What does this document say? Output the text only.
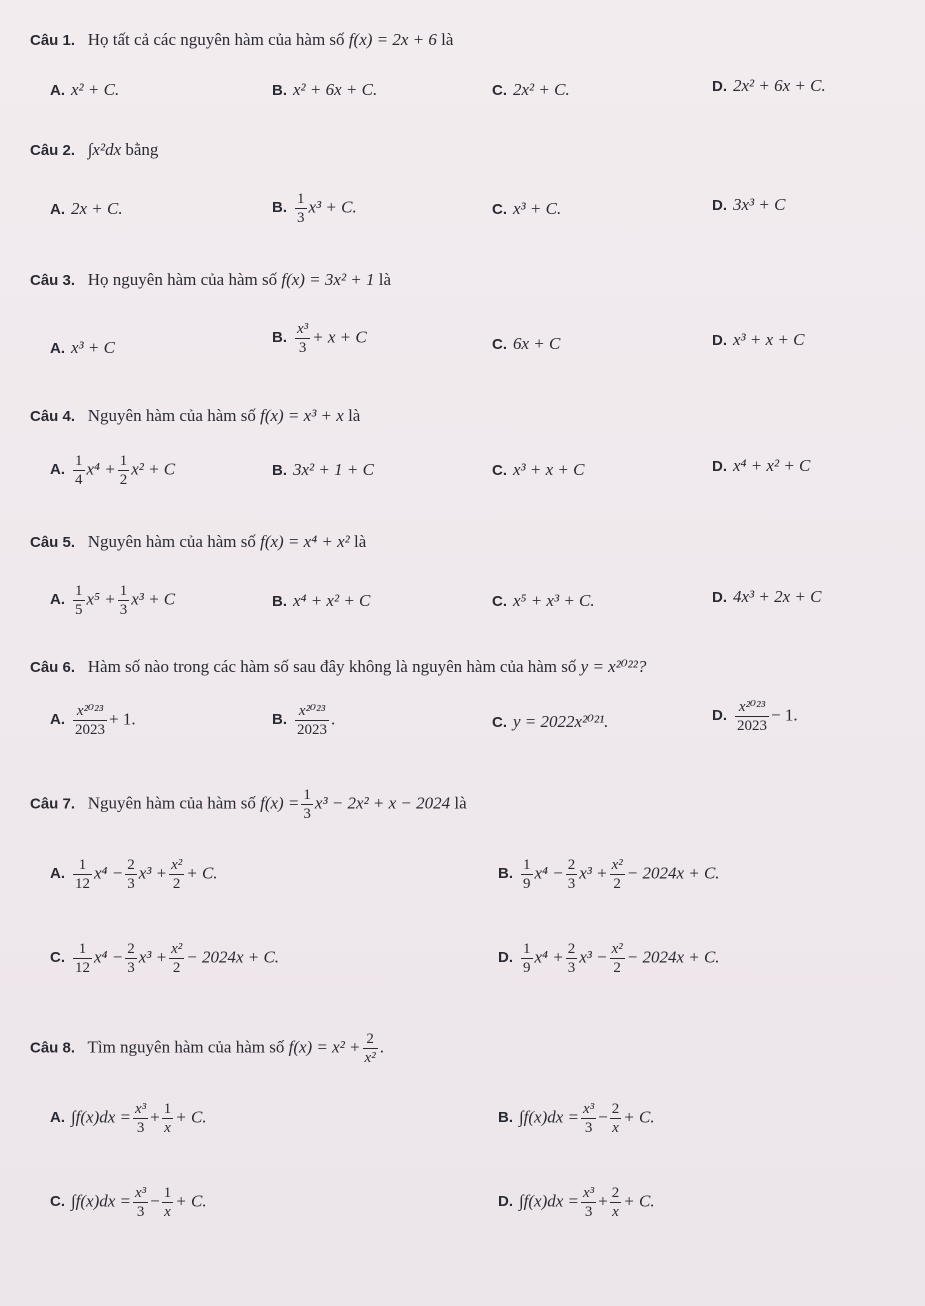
Câu 1. Họ tất cả các nguyên hàm của hàm số f(x) = 2x + 6 là
A. x² + C.	B. x² + 6x + C.	C. 2x² + C.	D. 2x² + 6x + C.
Câu 2. ∫x²dx bằng
A. 2x + C.	B. $\frac{1}{3} x^3 + C$.	C. x³ + C.	D. 3x³ + C
Câu 3. Họ nguyên hàm của hàm số f(x) = 3x² + 1 là
A. x³ + C
B. $\frac{\text{x³}}{3} + x + C$	C. 6x + C	D. x³ + x + C
Câu 4. Nguyên hàm của hàm số f(x) = x³ + x là
A. $\frac{1}{4} x^4 + \frac{1}{2} x^2 + C$	B. 3x² + 1 + C	C. x³ + x + C	D. x⁴ + x² + C
Câu 5. Nguyên hàm của hàm số f(x) = x⁴ + x² là
A. $\frac{1}{5} x^5 + \frac{1}{3} x^3 + C$	B. x⁴ + x² + C	C. x⁵ + x³ + C.	D. 4x³ + 2x + C
Câu 6. Hàm số nào trong các hàm số sau đây không là nguyên hàm của hàm số y = x²⁰²²?
A. $\frac{\text{x²⁰²³}}{2023} + 1$.	B. $\frac{\text{x²⁰²³}}{2023}$ .	C. y = 2022x²⁰²¹.	D. $\frac{\text{x²⁰²³}}{2023} - 1$.
Câu 7. Nguyên hàm của hàm số $f(x) = \frac{1}{3} x^3 - 2x^2 + x - 2024$ là
A. $\frac{1}{12} x^4 - \frac{2}{3} x^3 + \frac{\text{x²}}{2} + C$.	B. $\frac{1}{9} x^4 - \frac{2}{3} x^3 + \frac{\text{x²}}{2} - 2024x + C$.
C. $\frac{1}{12} x^4 - \frac{2}{3} x^3 + \frac{\text{x²}}{2} - 2024x + C$.	D. $\frac{1}{9} x^4 + \frac{2}{3} x^3 - \frac{\text{x²}}{2} - 2024x + C$.
Câu 8. Tìm nguyên hàm của hàm số $f(x) = x^2 + \frac{2}{\text{x²}}$ .
A. $\int f(x)dx = \frac{\text{x³}}{3} + \frac{1}{x} + C$.	B. $\int f(x)dx = \frac{\text{x³}}{3} - \frac{2}{x} + C$.
C. $\int f(x)dx = \frac{\text{x³}}{3} - \frac{1}{x} + C$.	D. $\int f(x)dx = \frac{\text{x³}}{3} + \frac{2}{x} + C$.
